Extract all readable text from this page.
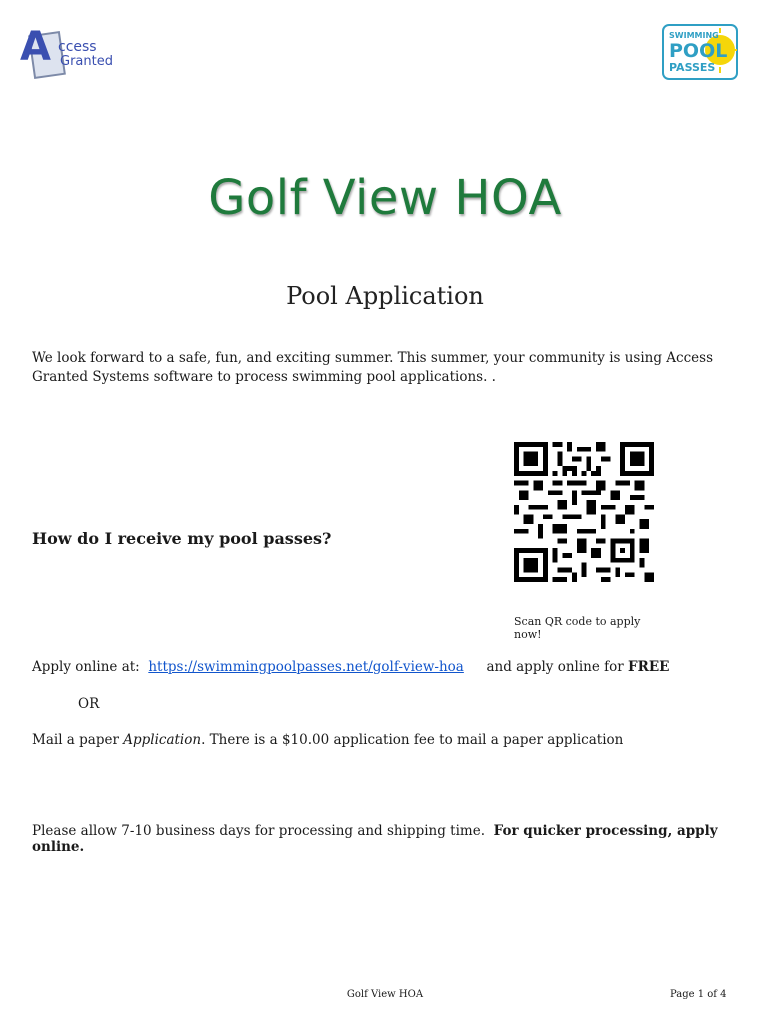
A ccess
Granted
SWIMMING
POOL
PASSES
Golf View HOA
Pool Application
We look forward to a safe, fun, and exciting summer. This summer, your community is using Access Granted Systems software to process swimming pool applications. .
How do I receive my pool passes?
Scan QR code to apply now!
Apply online at: https://swimmingpoolpasses.net/golf-view-hoa and apply online for FREE
OR
Mail a paper Application. There is a $10.00 application fee to mail a paper application
Please allow 7-10 business days for processing and shipping time. For quicker processing, apply online.
Golf View HOA	Page 1 of 4
